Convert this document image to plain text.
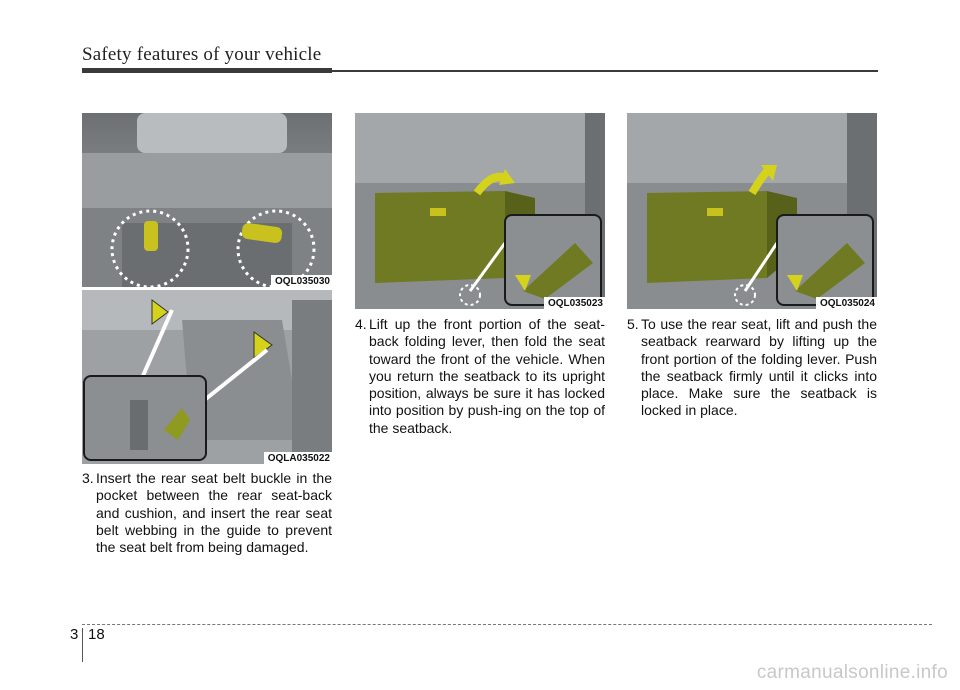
Safety features of your vehicle
OQL035030
OQLA035022
OQL035023	OQL035024
3. Insert the rear seat belt buckle in the pocket between the rear seat-back and cushion, and insert the rear seat belt webbing in the guide to prevent the seat belt from being damaged.
4. Lift up the front portion of the seat-back folding lever, then fold the seat toward the front of the vehicle. When you return the seatback to its upright position, always be sure it has locked into position by push-ing on the top of the seatback.
5. To use the rear seat, lift and push the seatback rearward by lifting up the front portion of the folding lever. Push the seatback firmly until it clicks into place. Make sure the seatback is locked in place.
3 18
carmanualsonline.info
